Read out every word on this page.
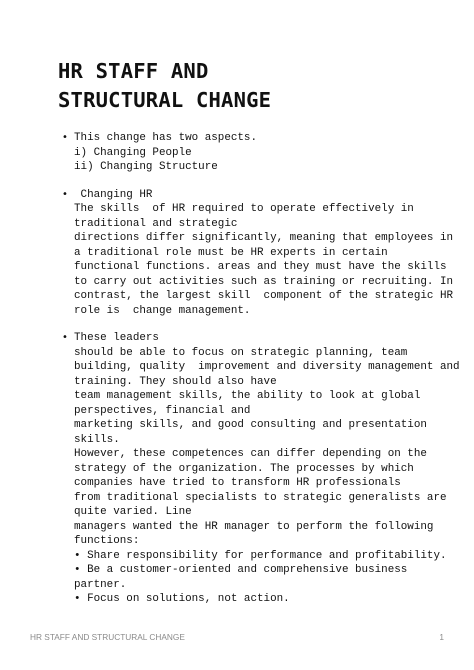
HR STAFF AND
STRUCTURAL CHANGE
• This change has two aspects.
i) Changing People
ii) Changing Structure
• Changing HR
The skills  of HR required to operate effectively in
traditional and strategic
directions differ significantly, meaning that employees in
a traditional role must be HR experts in certain
functional functions. areas and they must have the skills
to carry out activities such as training or recruiting. In
contrast, the largest skill  component of the strategic HR
role is  change management.
• These leaders
should be able to focus on strategic planning, team
building, quality  improvement and diversity management and
training. They should also have
team management skills, the ability to look at global
perspectives, financial and
marketing skills, and good consulting and presentation
skills.
However, these competences can differ depending on the
strategy of the organization. The processes by which
companies have tried to transform HR professionals
from traditional specialists to strategic generalists are
quite varied. Line
managers wanted the HR manager to perform the following
functions:
• Share responsibility for performance and profitability.
• Be a customer-oriented and comprehensive business
partner.
• Focus on solutions, not action.
HR STAFF AND STRUCTURAL CHANGE	1
